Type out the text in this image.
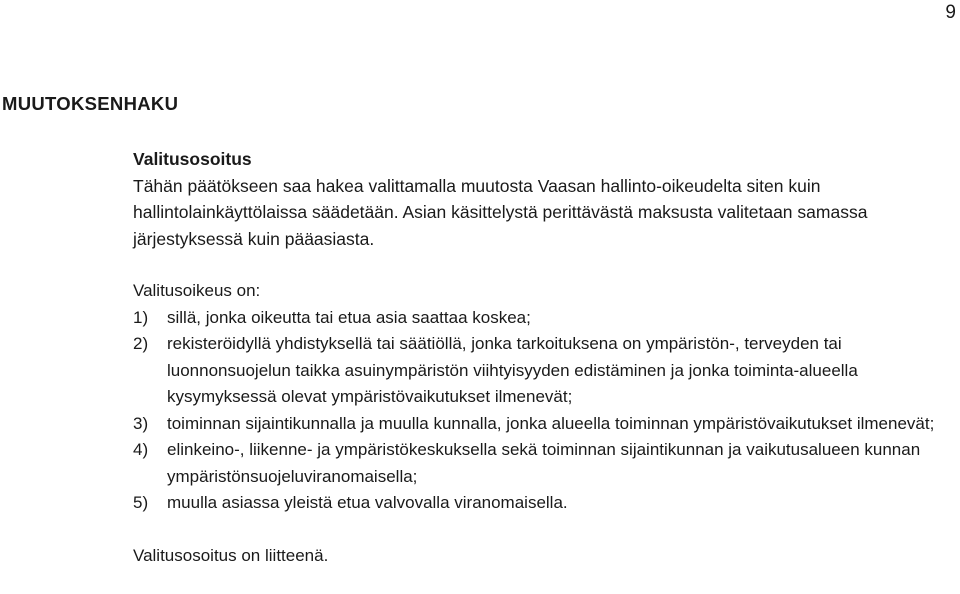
9
MUUTOKSENHAKU

Valitusosoitus

Tähän päätökseen saa hakea valittamalla muutosta Vaasan hallinto-oikeudelta siten kuin hallintolainkäyttölaissa säädetään. Asian käsittelystä perittävästä maksusta valitetaan samassa järjestyksessä kuin pääasiasta.

Valitusoikeus on:

1)	sillä, jonka oikeutta tai etua asia saattaa koskea;
2)	rekisteröidyllä yhdistyksellä tai säätiöllä, jonka tarkoituksena on ympäristön-, terveyden tai luonnonsuojelun taikka asuinympäristön viihtyisyyden edistäminen ja jonka toiminta-alueella kysymyksessä olevat ympäristövaikutukset ilmenevät;
3)	toiminnan sijaintikunnalla ja muulla kunnalla, jonka alueella toiminnan ympäristövaikutukset ilmenevät;
4)	elinkeino-, liikenne- ja ympäristökeskuksella sekä toiminnan sijaintikunnan ja vaikutusalueen kunnan ympäristönsuojeluviranomaisella;
5)	muulla asiassa yleistä etua valvovalla viranomaisella.

Valitusosoitus on liitteenä.
